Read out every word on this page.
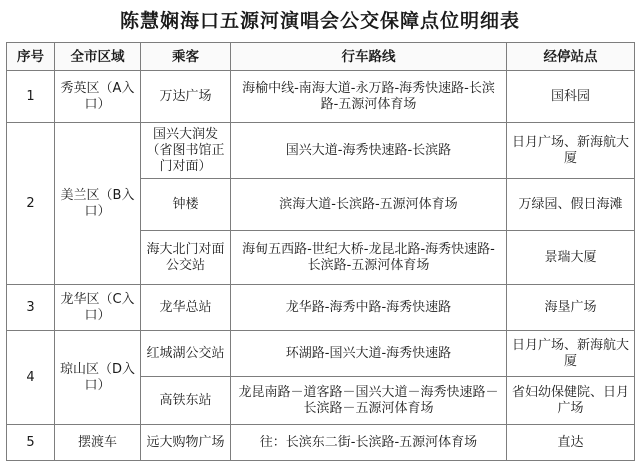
陈慧娴海口五源河演唱会公交保障点位明细表
序号	全市区域	乘客	行车路线	经停站点
1	秀英区（A入口）	万达广场	海榆中线-南海大道-永万路-海秀快速路-长滨路-五源河体育场	国科园
2	美兰区（B入口）	国兴大润发（省图书馆正门对面）	国兴大道-海秀快速路-长滨路	日月广场、新海航大厦
		钟楼	滨海大道-长滨路-五源河体育场	万绿园、假日海滩
		海大北门对面公交站	海甸五西路-世纪大桥-龙昆北路-海秀快速路-长滨路-五源河体育场	景瑞大厦
3	龙华区（C入口）	龙华总站	龙华路-海秀中路-海秀快速路	海垦广场
4	琼山区（D入口）	红城湖公交站	环湖路-国兴大道-海秀快速路	日月广场、新海航大厦
		高铁东站	龙昆南路－道客路－国兴大道－海秀快速路－长滨路－五源河体育场	省妇幼保健院、日月广场
5	摆渡车	远大购物广场	往：长滨东二街-长滨路-五源河体育场	直达
